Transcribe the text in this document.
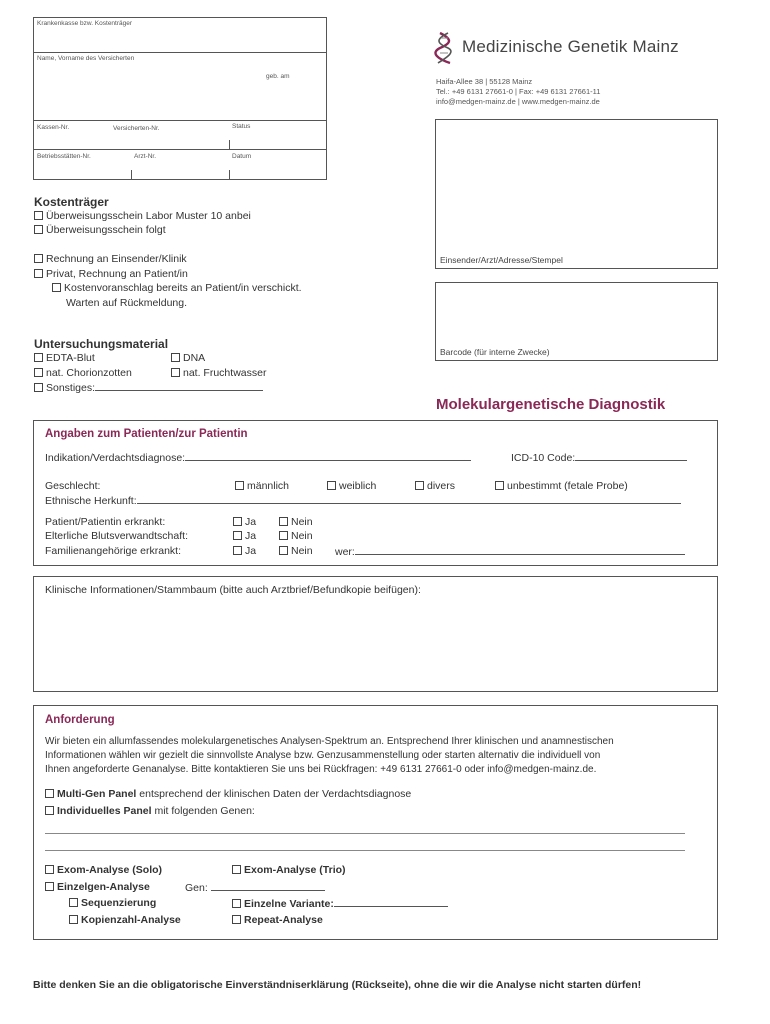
Krankenkasse bzw. Kostenträger
Name, Vorname des Versicherten
geb. am
Kassen-Nr.	Versicherten-Nr.	Status
Betriebsstätten-Nr.	Arzt-Nr.	Datum
Medizinische Genetik Mainz
Haifa-Allee 38 | 55128 Mainz
Tel.: +49 6131 27661-0 | Fax: +49 6131 27661-11
info@medgen-mainz.de | www.medgen-mainz.de
Einsender/Arzt/Adresse/Stempel
Barcode (für interne Zwecke)
Kostenträger
Überweisungsschein Labor Muster 10 anbei
Überweisungsschein folgt
Rechnung an Einsender/Klinik
Privat, Rechnung an Patient/in
Kostenvoranschlag bereits an Patient/in verschickt.
Warten auf Rückmeldung.
Untersuchungsmaterial
EDTA-Blut	DNA
nat. Chorionzotten	nat. Fruchtwasser
Sonstiges:
Molekulargenetische Diagnostik
Angaben zum Patienten/zur Patientin
Indikation/Verdachtsdiagnose:	ICD-10 Code:
Geschlecht:	männlich	weiblich	divers	unbestimmt (fetale Probe)
Ethnische Herkunft:
Patient/Patientin erkrankt:	Ja	Nein
Elterliche Blutsverwandtschaft:	Ja	Nein
Familienangehörige erkrankt:	Ja	Nein wer:
Klinische Informationen/Stammbaum (bitte auch Arztbrief/Befundkopie beifügen):
Anforderung
Wir bieten ein allumfassendes molekulargenetisches Analysen-Spektrum an. Entsprechend Ihrer klinischen und anamnestischen
Informationen wählen wir gezielt die sinnvollste Analyse bzw. Genzusammenstellung oder starten alternativ die individuell von
Ihnen angeforderte Genanalyse. Bitte kontaktieren Sie uns bei Rückfragen: +49 6131 27661-0 oder info@medgen-mainz.de.
Multi-Gen Panel entsprechend der klinischen Daten der Verdachtsdiagnose
Individuelles Panel mit folgenden Genen:
Exom-Analyse (Solo)	Exom-Analyse (Trio)
Einzelgen-Analyse	Gen:
Sequenzierung	Einzelne Variante:
Kopienzahl-Analyse	Repeat-Analyse
Bitte denken Sie an die obligatorische Einverständniserklärung (Rückseite), ohne die wir die Analyse nicht starten dürfen!
